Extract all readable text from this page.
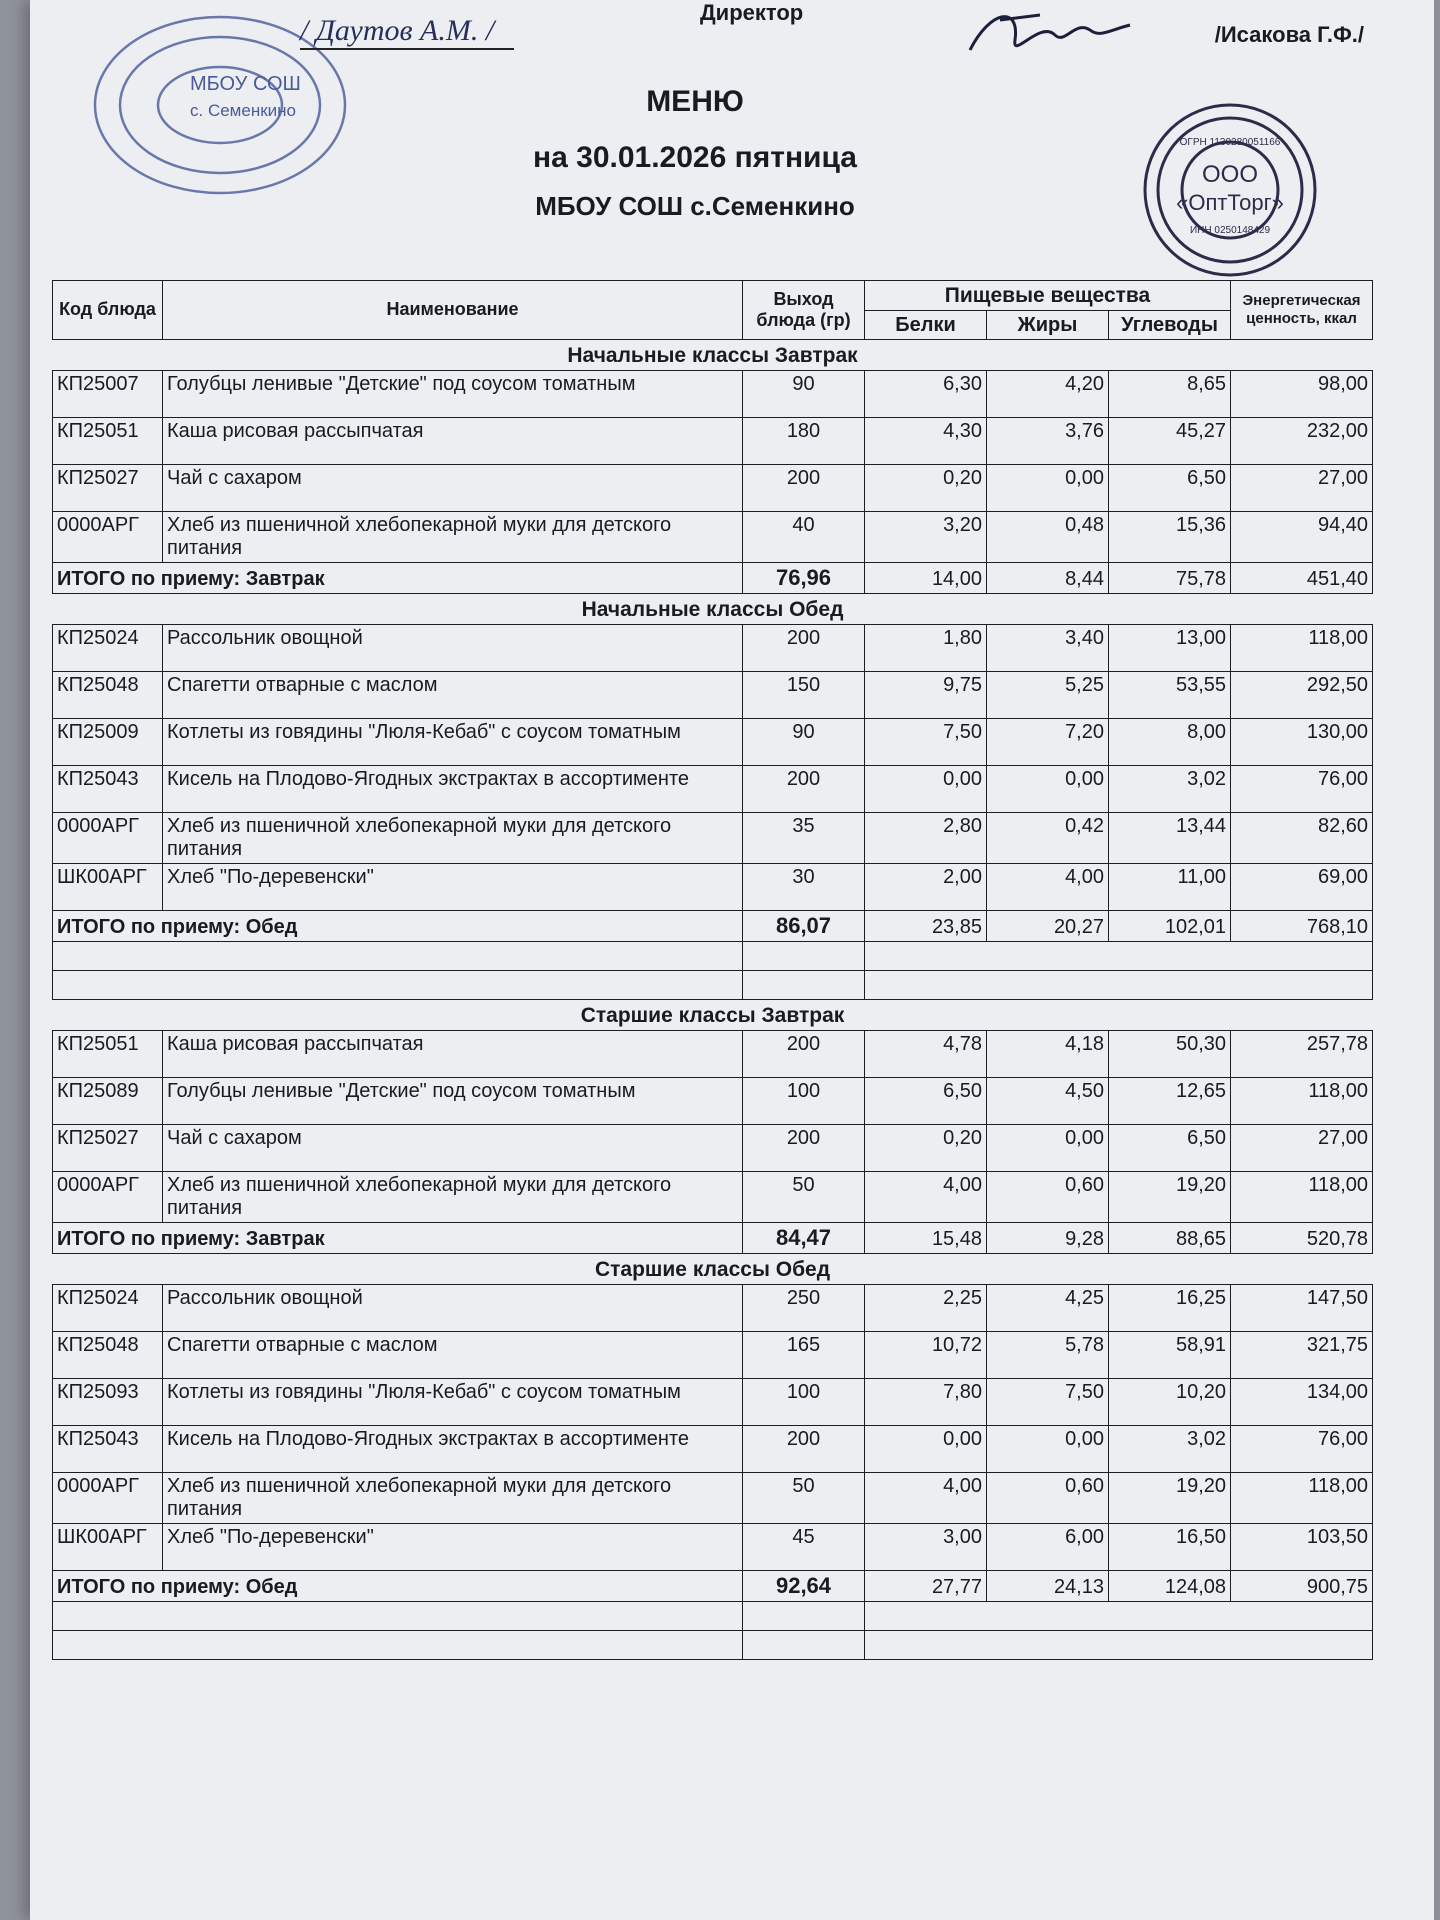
МБОУ СОШ
с. Семенкино
/ Даутов А.М. /
Директор
/Исакова Г.Ф./
МЕНЮ
на 30.01.2026 пятница
МБОУ СОШ с.Семенкино
ООО
«ОптТорг»
ИНН 0250148429
ОГРН 1130280051166
Код блюда	Наименование	Выход блюда (гр)	Пищевые вещества			Энергетическая ценность, ккал
			Белки	Жиры	Углеводы	
Начальные классы Завтрак						
КП25007	Голубцы ленивые "Детские" под соусом томатным	90	6,30	4,20	8,65	98,00
КП25051	Каша рисовая рассыпчатая	180	4,30	3,76	45,27	232,00
КП25027	Чай с сахаром	200	0,20	0,00	6,50	27,00
0000АРГ	Хлеб из пшеничной хлебопекарной муки для детского питания	40	3,20	0,48	15,36	94,40
ИТОГО по приему: Завтрак		76,96	14,00	8,44	75,78	451,40
Начальные классы Обед						
КП25024	Рассольник овощной	200	1,80	3,40	13,00	118,00
КП25048	Спагетти отварные с маслом	150	9,75	5,25	53,55	292,50
КП25009	Котлеты из говядины "Люля-Кебаб" с соусом томатным	90	7,50	7,20	8,00	130,00
КП25043	Кисель на Плодово-Ягодных экстрактах в ассортименте	200	0,00	0,00	3,02	76,00
0000АРГ	Хлеб из пшеничной хлебопекарной муки для детского питания	35	2,80	0,42	13,44	82,60
ШК00АРГ	Хлеб "По-деревенски"	30	2,00	4,00	11,00	69,00
ИТОГО по приему: Обед		86,07	23,85	20,27	102,01	768,10

Старшие классы Завтрак						
КП25051	Каша рисовая рассыпчатая	200	4,78	4,18	50,30	257,78
КП25089	Голубцы ленивые "Детские" под соусом томатным	100	6,50	4,50	12,65	118,00
КП25027	Чай с сахаром	200	0,20	0,00	6,50	27,00
0000АРГ	Хлеб из пшеничной хлебопекарной муки для детского питания	50	4,00	0,60	19,20	118,00
ИТОГО по приему: Завтрак		84,47	15,48	9,28	88,65	520,78
Старшие классы Обед						
КП25024	Рассольник овощной	250	2,25	4,25	16,25	147,50
КП25048	Спагетти отварные с маслом	165	10,72	5,78	58,91	321,75
КП25093	Котлеты из говядины "Люля-Кебаб" с соусом томатным	100	7,80	7,50	10,20	134,00
КП25043	Кисель на Плодово-Ягодных экстрактах в ассортименте	200	0,00	0,00	3,02	76,00
0000АРГ	Хлеб из пшеничной хлебопекарной муки для детского питания	50	4,00	0,60	19,20	118,00
ШК00АРГ	Хлеб "По-деревенски"	45	3,00	6,00	16,50	103,50
ИТОГО по приему: Обед		92,64	27,77	24,13	124,08	900,75
